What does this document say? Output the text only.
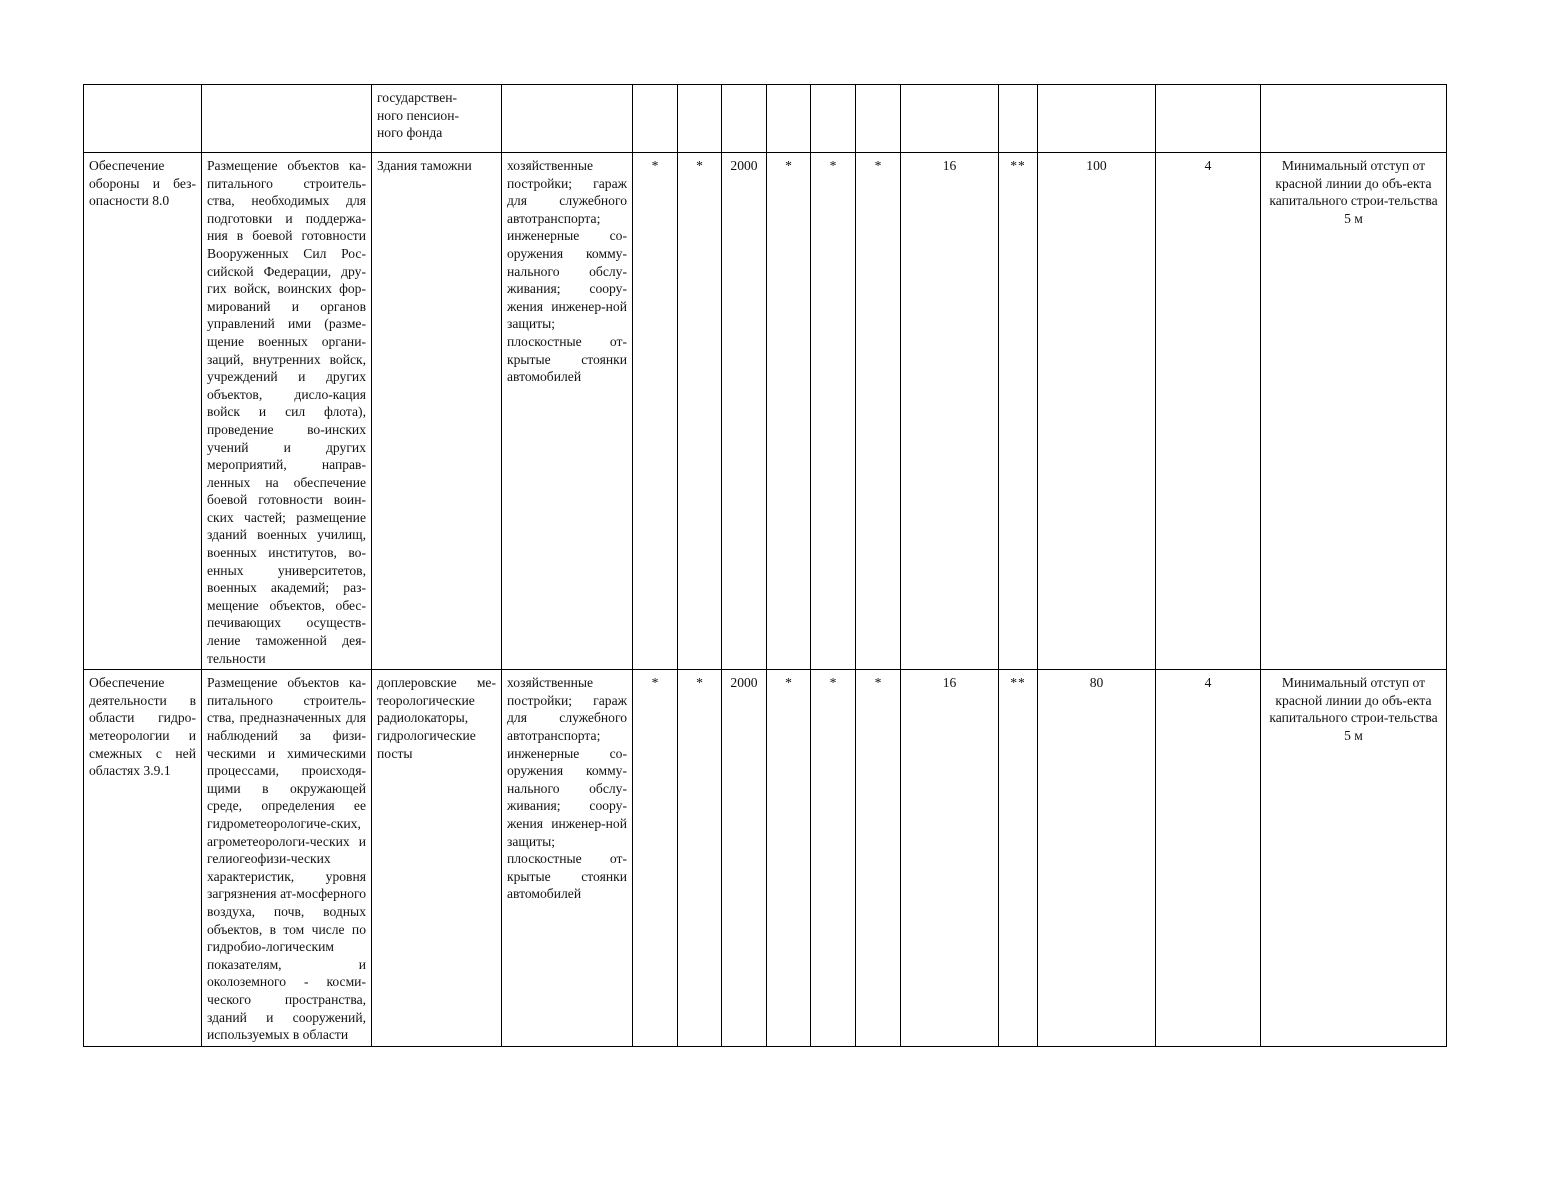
		государствен-
ного пенсион-
ного фонда												
Обеспечение обороны и без-опасности 8.0	Размещение объектов ка-питального строитель-ства, необходимых для подготовки и поддержа-ния в боевой готовности Вооруженных Сил Рос-сийской Федерации, дру-гих войск, воинских фор-мирований и органов управлений ими (разме-щение военных органи-заций, внутренних войск, учреждений и других объектов, дисло-кация войск и сил флота), проведение во-инских учений и других мероприятий, направ-ленных на обеспечение боевой готовности воин-ских частей; размещение зданий военных училищ, военных институтов, во-енных университетов, военных академий; раз-мещение объектов, обес-печивающих осуществ-ление таможенной дея-тельности	Здания таможни	хозяйственные постройки; гараж для служебного автотранспорта; инженерные со-оружения комму-нального обслу-живания; соору-жения инженер-ной защиты; плоскостные от-крытые стоянки автомобилей	*	*	2000	*	*	*	16	**	100	4	Минимальный отступ от красной линии до объ-екта капитального строи-тельства 5 м
Обеспечение деятельности в области гидро-метеорологии и смежных с ней областях 3.9.1	Размещение объектов ка-питального строитель-ства, предназначенных для наблюдений за физи-ческими и химическими процессами, происходя-щими в окружающей среде, определения ее гидрометеорологиче-ских, агрометеорологи-ческих и гелиогеофизи-ческих характеристик, уровня загрязнения ат-мосферного воздуха, почв, водных объектов, в том числе по гидробио-логическим показателям, и околоземного - косми-ческого пространства, зданий и сооружений, используемых в области	доплеровские ме-теорологические радиолокаторы, гидрологические посты	хозяйственные постройки; гараж для служебного автотранспорта; инженерные со-оружения комму-нального обслу-живания; соору-жения инженер-ной защиты; плоскостные от-крытые стоянки автомобилей	*	*	2000	*	*	*	16	**	80	4	Минимальный отступ от красной линии до объ-екта капитального строи-тельства 5 м
